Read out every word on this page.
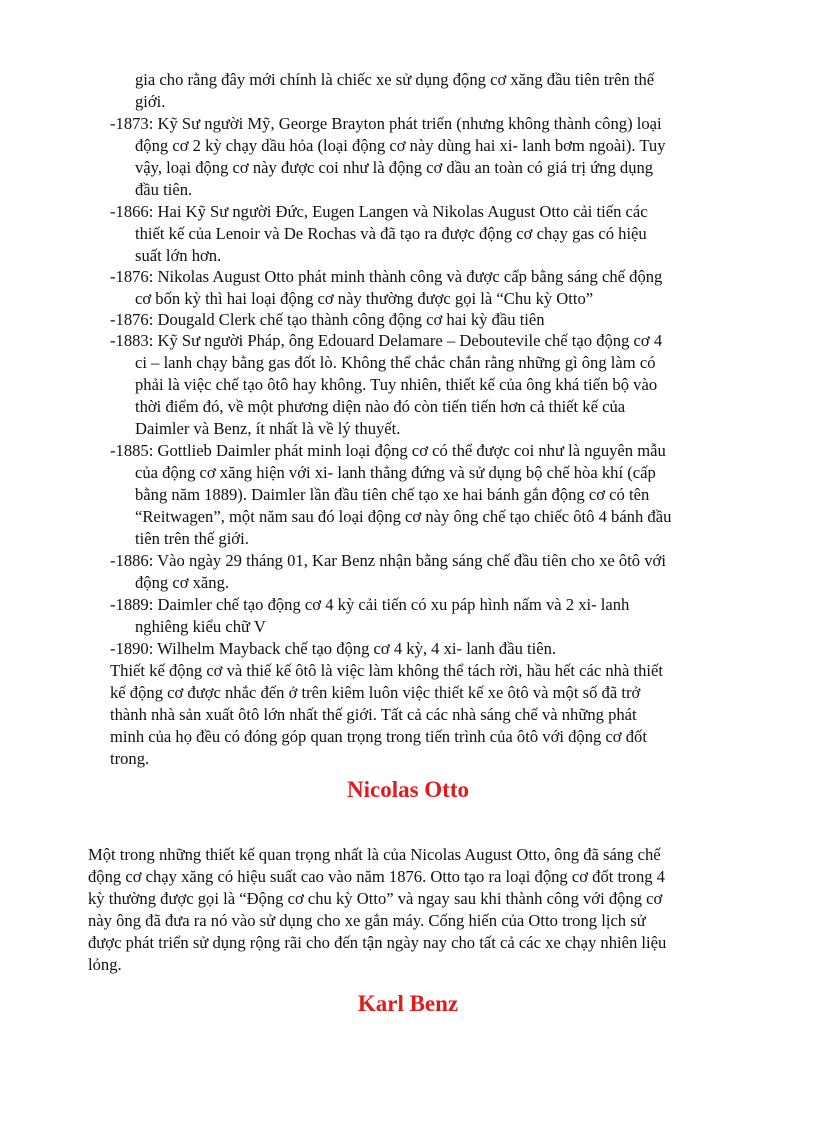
gia cho rằng đây mới chính là chiếc xe sử dụng động cơ xăng đầu tiên trên thế

giới.

-1873: Kỹ Sư người Mỹ, George Brayton phát triển (nhưng không thành công) loại

động cơ 2 kỳ chạy dầu hỏa (loại động cơ này dùng hai xi- lanh bơm ngoài). Tuy

vậy, loại động cơ này được coi như là động cơ dầu an toàn có giá trị ứng dụng

đầu tiên.

-1866: Hai Kỹ Sư người Đức, Eugen Langen và Nikolas August Otto cải tiến các

thiết kế của Lenoir và De Rochas và đã tạo ra được động cơ chạy gas có hiệu

suất lớn hơn.

-1876: Nikolas August Otto phát minh thành công và được cấp bằng sáng chế động

cơ bốn kỳ thì hai loại động cơ này thường được gọi là “Chu kỳ Otto”

-1876: Dougald Clerk chế tạo thành công động cơ hai kỳ đầu tiên

-1883: Kỹ Sư người Pháp, ông Edouard Delamare – Deboutevile chế tạo động cơ 4

ci – lanh chạy bằng gas đốt lò. Không thể chắc chắn rằng những gì ông làm có

phải là việc chế tạo ôtô hay không. Tuy nhiên, thiết kế của ông khá tiến bộ vào

thời điểm đó, về một phương diện nào đó còn tiến tiến hơn cả thiết kế của

Daimler và Benz, ít nhất là về lý thuyết.

-1885: Gottlieb Daimler phát minh loại động cơ có thể được coi như là nguyên mẫu

của động cơ xăng hiện với xi- lanh thẳng đứng và sử dụng bộ chế hòa khí (cấp

bằng năm 1889). Daimler lần đầu tiên chế tạo xe hai bánh gắn động cơ có tên

“Reitwagen”, một năm sau đó loại động cơ này ông chế tạo chiếc ôtô 4 bánh đầu

tiên trên thế giới.

-1886: Vào ngày 29 tháng 01, Kar Benz nhận bằng sáng chế đầu tiên cho xe ôtô với

động cơ xăng.

-1889: Daimler chế tạo động cơ 4 kỳ cải tiến có xu páp hình nấm và 2 xi- lanh

nghiêng kiểu chữ V

-1890: Wilhelm Mayback chế tạo động cơ 4 kỳ, 4 xi- lanh đầu tiên.

Thiết kế động cơ và thiế kế ôtô là việc làm không thể tách rời, hầu hết các nhà thiết

kế động cơ được nhắc đến ở trên kiêm luôn việc thiết kế xe ôtô và một số đã trở

thành nhà sản xuất ôtô lớn nhất thế giới. Tất cả các nhà sáng chế và những phát

minh của họ đều có đóng góp quan trọng trong tiến trình của ôtô với động cơ đốt

trong.

Nicolas Otto

Một trong những thiết kế quan trọng nhất là của Nicolas August Otto, ông đã sáng chế

động cơ chạy xăng có hiệu suất cao vào năm 1876. Otto tạo ra loại động cơ đốt trong 4

kỳ thường được gọi là “Động cơ chu kỳ Otto” và ngay sau khi thành công với động cơ

này ông đã đưa ra nó vào sử dụng cho xe gắn máy. Cống hiến của Otto trong lịch sử

được phát triển sử dụng rộng rãi cho đến tận ngày nay cho tất cả các xe chạy nhiên liệu

lỏng.

Karl Benz
